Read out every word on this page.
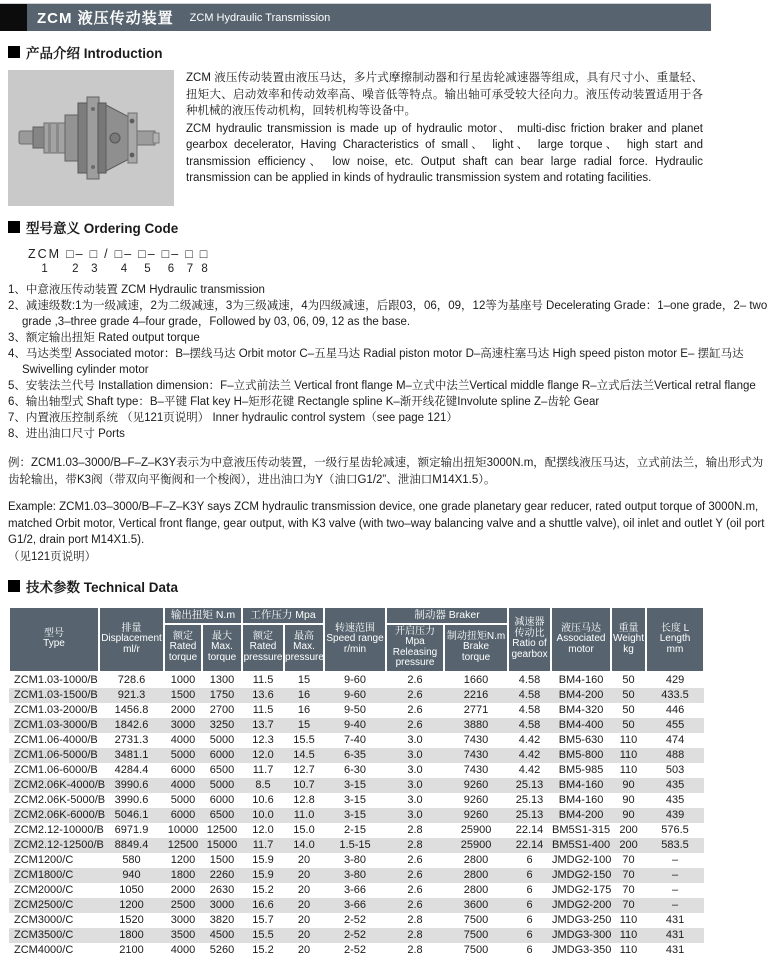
ZCM 液压传动装置 ZCM Hydraulic Transmission
产品介绍 Introduction

ZCM 液压传动装置由液压马达，多片式摩擦制动器和行星齿轮减速器等组成，具有尺寸小、重量轻、扭矩大、启动效率和传动效率高、噪音低等特点。输出轴可承受较大径向力。液压传动装置适用于各种机械的液压传动机构，回转机构等设备中。

ZCM hydraulic transmission is made up of hydraulic motor、 multi-disc friction braker and planet gearbox decelerator, Having Characteristics of small、 light、 large torque、 high start and transmission efficiency、 low noise, etc. Output shaft can bear large radial force. Hydraulic transmission can be applied in kinds of hydraulic transmission system and rotating facilities.

型号意义 Ordering Code
ZCM
1
□–
2
□
3
/
□–
4
□–
5
□–
6
□
7
□
8
1、中意液压传动装置 ZCM Hydraulic transmission
2、减速级数:1为一级减速，2为二级减速，3为三级减速，4为四级减速，后跟03，06，09，12等为基座号 Decelerating Grade：1–one grade，2– two
grade ,3–three grade 4–four grade，Followed by 03, 06, 09, 12 as the base.
3、额定输出扭矩 Rated output torque
4、马达类型 Associated motor：B–摆线马达 Orbit motor C–五星马达 Radial piston motor D–高速柱塞马达 High speed piston motor E– 摆缸马达
Swivelling cylinder motor
5、安装法兰代号 Installation dimension：F–立式前法兰 Vertical front flange M–立式中法兰Vertical middle flange R–立式后法兰Vertical retral flange
6、输出轴型式 Shaft type：B–平键 Flat key H–矩形花键 Rectangle spline K–渐开线花键Involute spline Z–齿轮 Gear
7、内置液压控制系统 （见121页说明） Inner hydraulic control system（see page 121）
8、进出油口尺寸 Ports
例：ZCM1.03–3000/B–F–Z–K3Y表示为中意液压传动装置，一级行星齿轮减速，额定输出扭矩3000N.m，配摆线液压马达，立式前法兰，输出形式为
齿轮输出，带K3阀（带双向平衡阀和一个梭阀），进出油口为Y（油口G1/2”、泄油口M14X1.5）。
Example: ZCM1.03–3000/B–F–Z–K3Y says ZCM hydraulic transmission device, one grade planetary gear reducer, rated output torque of 3000N.m,
matched Orbit motor, Vertical front flange, gear output, with K3 valve (with two–way balancing valve and a shuttle valve), oil inlet and outlet Y (oil port
G1/2, drain port M14X1.5).
（见121页说明）
技术参数 Technical Data
型号
Type	排量
Displacement
ml/r	输出扭矩 N.m		工作压力 Mpa		转速范围
Speed range
r/min	制动器 Braker		减速器
传动比
Ratio of
gearbox	液压马达
Associated
motor	重量
Weight
kg	长度 L
Length
mm

		额定
Rated
torque	最大
Max.
torque	额定
Rated
pressure	最高
Max.
pressure		开启压力Mpa
Releasing
pressure	制动扭矩N.m
Brake
torque				

ZCM1.03-1000/B	728.6	1000	1300	11.5	15	9-60	2.6	1660	4.58	BM4-160	50	429
ZCM1.03-1500/B	921.3	1500	1750	13.6	16	9-60	2.6	2216	4.58	BM4-200	50	433.5
ZCM1.03-2000/B	1456.8	2000	2700	11.5	16	9-50	2.6	2771	4.58	BM4-320	50	446
ZCM1.03-3000/B	1842.6	3000	3250	13.7	15	9-40	2.6	3880	4.58	BM4-400	50	455
ZCM1.06-4000/B	2731.3	4000	5000	12.3	15.5	7-40	3.0	7430	4.42	BM5-630	110	474
ZCM1.06-5000/B	3481.1	5000	6000	12.0	14.5	6-35	3.0	7430	4.42	BM5-800	110	488
ZCM1.06-6000/B	4284.4	6000	6500	11.7	12.7	6-30	3.0	7430	4.42	BM5-985	110	503
ZCM2.06K-4000/B	3990.6	4000	5000	8.5	10.7	3-15	3.0	9260	25.13	BM4-160	90	435
ZCM2.06K-5000/B	3990.6	5000	6000	10.6	12.8	3-15	3.0	9260	25.13	BM4-160	90	435
ZCM2.06K-6000/B	5046.1	6000	6500	10.0	11.0	3-15	3.0	9260	25.13	BM4-200	90	439
ZCM2.12-10000/B	6971.9	10000	12500	12.0	15.0	2-15	2.8	25900	22.14	BM5S1-315	200	576.5
ZCM2.12-12500/B	8849.4	12500	15000	11.7	14.0	1.5-15	2.8	25900	22.14	BM5S1-400	200	583.5
ZCM1200/C	580	1200	1500	15.9	20	3-80	2.6	2800	6	JMDG2-100	70	–
ZCM1800/C	940	1800	2260	15.9	20	3-80	2.6	2800	6	JMDG2-150	70	–
ZCM2000/C	1050	2000	2630	15.2	20	3-66	2.6	2800	6	JMDG2-175	70	–
ZCM2500/C	1200	2500	3000	16.6	20	3-66	2.6	3600	6	JMDG2-200	70	–
ZCM3000/C	1520	3000	3820	15.7	20	2-52	2.8	7500	6	JMDG3-250	110	431
ZCM3500/C	1800	3500	4500	15.5	20	2-52	2.8	7500	6	JMDG3-300	110	431
ZCM4000/C	2100	4000	5260	15.2	20	2-52	2.8	7500	6	JMDG3-350	110	431
